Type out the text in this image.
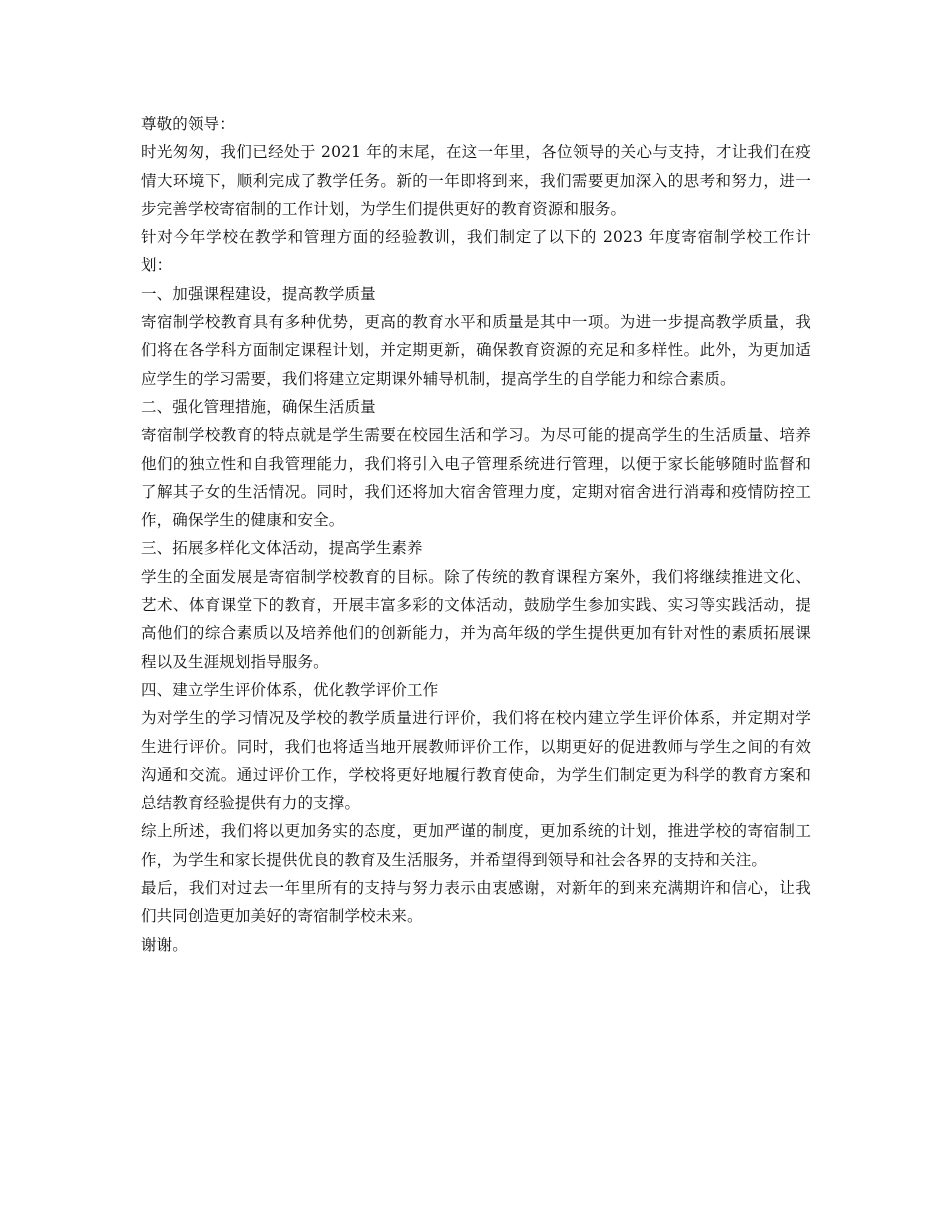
尊敬的领导：

时光匆匆，我们已经处于 2021 年的末尾，在这一年里，各位领导的关心与支持，才让我们在疫情大环境下，顺利完成了教学任务。新的一年即将到来，我们需要更加深入的思考和努力，进一步完善学校寄宿制的工作计划，为学生们提供更好的教育资源和服务。

针对今年学校在教学和管理方面的经验教训，我们制定了以下的 2023 年度寄宿制学校工作计划：

一、加强课程建设，提高教学质量

寄宿制学校教育具有多种优势，更高的教育水平和质量是其中一项。为进一步提高教学质量，我们将在各学科方面制定课程计划，并定期更新，确保教育资源的充足和多样性。此外，为更加适应学生的学习需要，我们将建立定期课外辅导机制，提高学生的自学能力和综合素质。

二、强化管理措施，确保生活质量

寄宿制学校教育的特点就是学生需要在校园生活和学习。为尽可能的提高学生的生活质量、培养他们的独立性和自我管理能力，我们将引入电子管理系统进行管理，以便于家长能够随时监督和了解其子女的生活情况。同时，我们还将加大宿舍管理力度，定期对宿舍进行消毒和疫情防控工作，确保学生的健康和安全。

三、拓展多样化文体活动，提高学生素养

学生的全面发展是寄宿制学校教育的目标。除了传统的教育课程方案外，我们将继续推进文化、艺术、体育课堂下的教育，开展丰富多彩的文体活动，鼓励学生参加实践、实习等实践活动，提高他们的综合素质以及培养他们的创新能力，并为高年级的学生提供更加有针对性的素质拓展课程以及生涯规划指导服务。

四、建立学生评价体系，优化教学评价工作

为对学生的学习情况及学校的教学质量进行评价，我们将在校内建立学生评价体系，并定期对学生进行评价。同时，我们也将适当地开展教师评价工作，以期更好的促进教师与学生之间的有效沟通和交流。通过评价工作，学校将更好地履行教育使命，为学生们制定更为科学的教育方案和总结教育经验提供有力的支撑。

综上所述，我们将以更加务实的态度，更加严谨的制度，更加系统的计划，推进学校的寄宿制工作，为学生和家长提供优良的教育及生活服务，并希望得到领导和社会各界的支持和关注。

最后，我们对过去一年里所有的支持与努力表示由衷感谢，对新年的到来充满期许和信心，让我们共同创造更加美好的寄宿制学校未来。

谢谢。
